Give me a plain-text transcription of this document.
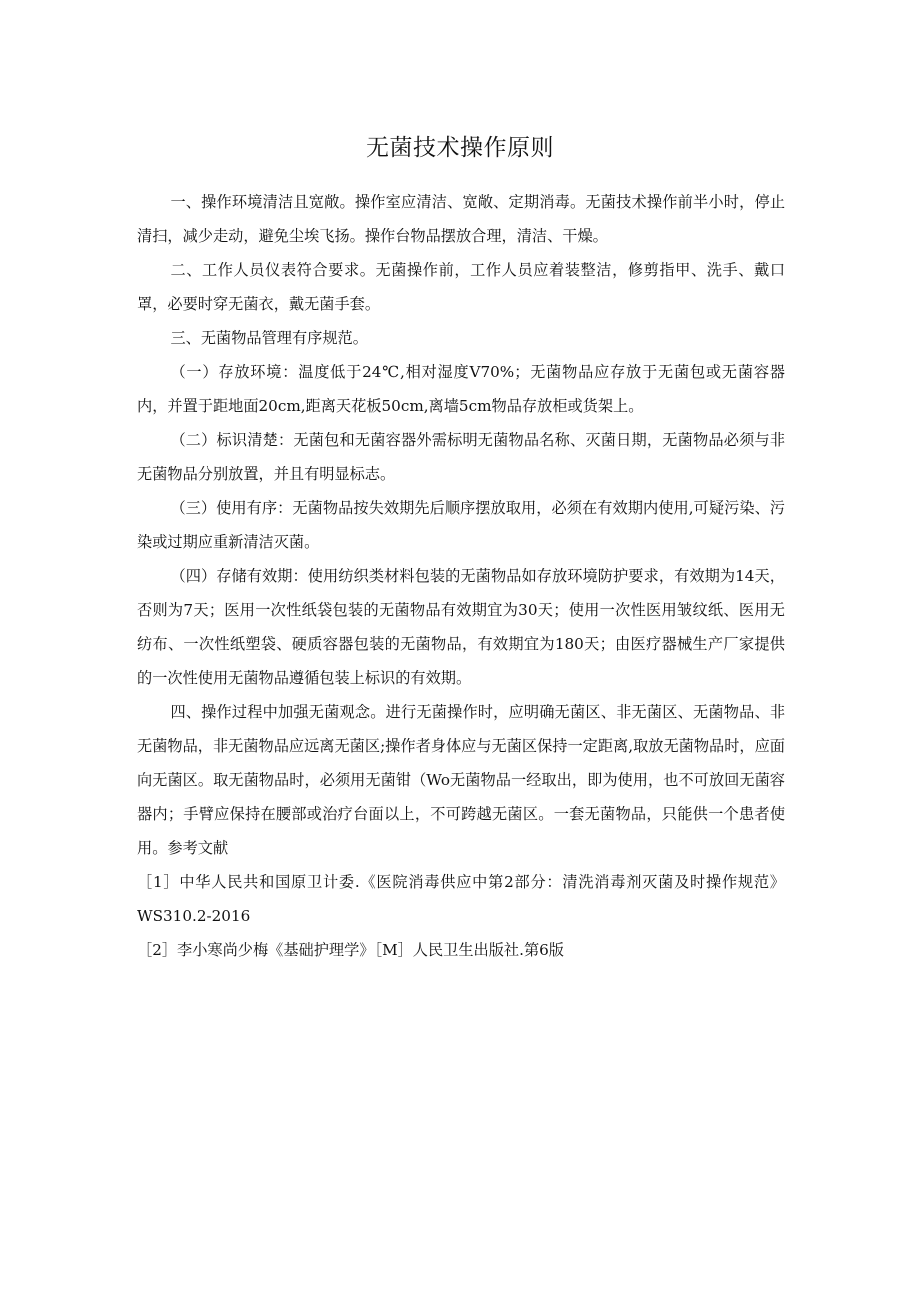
无菌技术操作原则

一、操作环境清洁且宽敞。操作室应清洁、宽敞、定期消毒。无菌技术操作前半小时，停止清扫，减少走动，避免尘埃飞扬。操作台物品摆放合理，清洁、干燥。

二、工作人员仪表符合要求。无菌操作前，工作人员应着装整洁，修剪指甲、洗手、戴口罩，必要时穿无菌衣，戴无菌手套。

三、无菌物品管理有序规范。

（一）存放环境：温度低于24℃,相对湿度V70%；无菌物品应存放于无菌包或无菌容器内，并置于距地面20cm,距离天花板50cm,离墙5cm物品存放柜或货架上。

（二）标识清楚：无菌包和无菌容器外需标明无菌物品名称、灭菌日期，无菌物品必须与非无菌物品分别放置，并且有明显标志。

（三）使用有序：无菌物品按失效期先后顺序摆放取用，必须在有效期内使用,可疑污染、污染或过期应重新清洁灭菌。

（四）存储有效期：使用纺织类材料包装的无菌物品如存放环境防护要求，有效期为14天，否则为7天；医用一次性纸袋包装的无菌物品有效期宜为30天；使用一次性医用皱纹纸、医用无纺布、一次性纸塑袋、硬质容器包装的无菌物品，有效期宜为180天；由医疗器械生产厂家提供的一次性使用无菌物品遵循包装上标识的有效期。

四、操作过程中加强无菌观念。进行无菌操作时，应明确无菌区、非无菌区、无菌物品、非无菌物品，非无菌物品应远离无菌区;操作者身体应与无菌区保持一定距离,取放无菌物品时，应面向无菌区。取无菌物品时，必须用无菌钳（Wo无菌物品一经取出，即为使用，也不可放回无菌容器内；手臂应保持在腰部或治疗台面以上，不可跨越无菌区。一套无菌物品，只能供一个患者使用。参考文献

［1］中华人民共和国原卫计委.《医院消毒供应中第2部分：清洗消毒剂灭菌及时操作规范》WS310.2-2016

［2］李小寒尚少梅《基础护理学》［M］人民卫生出版社.第6版
